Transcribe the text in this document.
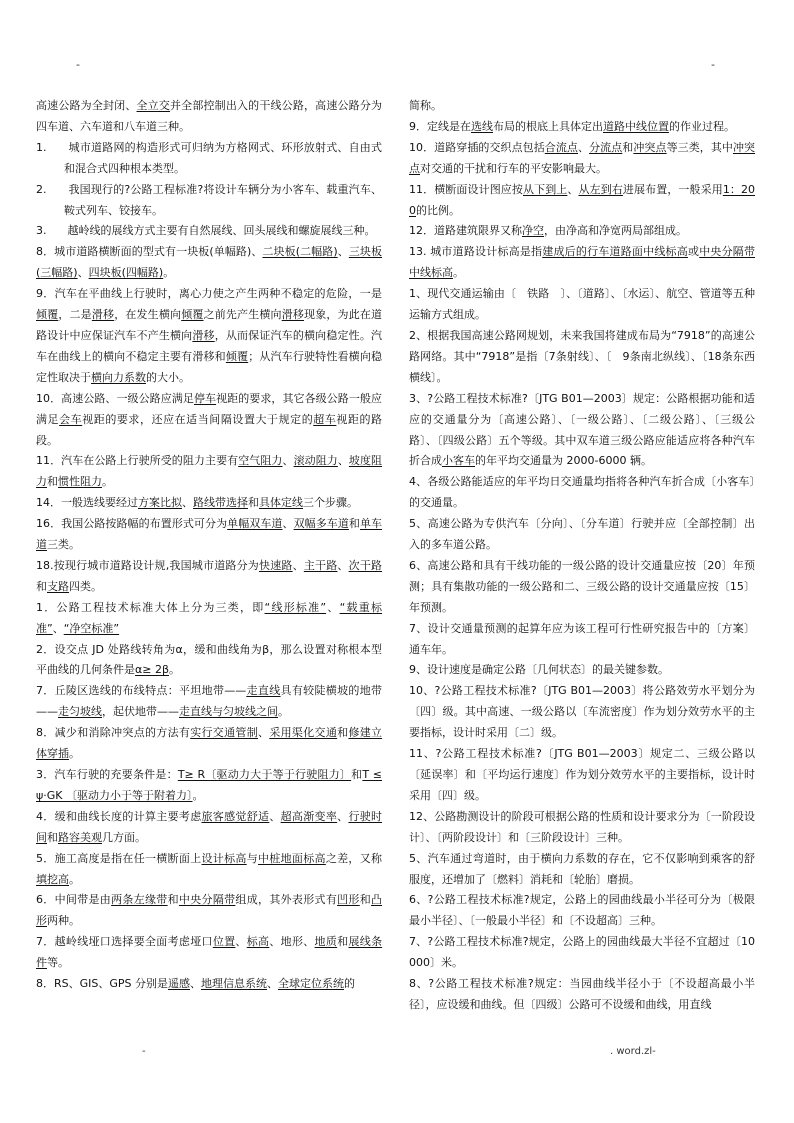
-	-

高速公路为全封闭、全立交并全部控制出入的干线公路，高速公路分为四车道、六车道和八车道三种。

1.      城市道路网的构造形式可归纳为方格网式、环形放射式、自由式和混合式四种根本类型。

2.      我国现行的?公路工程标准?将设计车辆分为小客车、载重汽车、鞍式列车、铰接车。

3.      越岭线的展线方式主要有自然展线、回头展线和螺旋展线三种。

8．城市道路横断面的型式有一块板(单幅路)、二块板(二幅路)、三块板(三幅路)、四块板(四幅路)。

9．汽车在平曲线上行驶时，离心力使之产生两种不稳定的危险，一是倾覆，二是滑移，在发生横向倾覆之前先产生横向滑移现象，为此在道路设计中应保证汽车不产生横向滑移，从而保证汽车的横向稳定性。汽车在曲线上的横向不稳定主要有滑移和倾覆；从汽车行驶特性看横向稳定性取决于横向力系数的大小。

10．高速公路、一级公路应满足停车视距的要求，其它各级公路一般应满足会车视距的要求，还应在适当间隔设置大于规定的超车视距的路段。

11．汽车在公路上行驶所受的阻力主要有空气阻力、滚动阻力、坡度阻力和惯性阻力。

14．一般选线要经过方案比拟、路线带选择和具体定线三个步骤。

16．我国公路按路幅的布置形式可分为单幅双车道、双幅多车道和单车道三类。

18.按现行城市道路设计规,我国城市道路分为快速路、主干路、次干路和支路四类。

1．公路工程技术标准大体上分为三类，即“线形标准”、“载重标准”、“净空标准”

2．设交点 JD 处路线转角为α，缓和曲线角为β，那么设置对称根本型平曲线的几何条件是α≥ 2β。

7．丘陵区选线的布线特点：平坦地带——走直线具有较陡横坡的地带——走匀坡线，起伏地带——走直线与匀坡线之间。

8．减少和消除冲突点的方法有实行交通管制、采用渠化交通和修建立体穿插。

3．汽车行驶的充要条件是：T≥ R〔驱动力大于等于行驶阻力〕和T ≤ψ·GK 〔驱动力小于等于附着力〕。

4．缓和曲线长度的计算主要考虑旅客感觉舒适、超高渐变率、行驶时间和路容美观几方面。

5．施工高度是指在任一横断面上设计标高与中桩地面标高之差，又称填挖高。

6．中间带是由两条左缘带和中央分隔带组成，其外表形式有凹形和凸形两种。

7．越岭线垭口选择要全面考虑垭口位置、标高、地形、地质和展线条件等。

8．RS、GIS、GPS 分别是遥感、地理信息系统、全球定位系统的

简称。

9．定线是在选线布局的根底上具体定出道路中线位置的作业过程。

10．道路穿插的交织点包括合流点、分流点和冲突点等三类，其中冲突点对交通的干扰和行车的平安影响最大。

11．横断面设计图应按从下到上、从左到右进展布置，一般采用1：200的比例。

12．道路建筑限界又称净空，由净高和净宽两局部组成。

13. 城市道路设计标高是指建成后的行车道路面中线标高或中央分隔带中线标高。

1、现代交通运输由〔　铁路　〕、〔道路〕、〔水运〕、航空、管道等五种运输方式组成。

2、根据我国高速公路网规划，未来我国将建成布局为“7918”的高速公路网络。其中“7918”是指〔7条射线〕、〔　9条南北纵线〕、〔18条东西横线〕。

3、?公路工程技术标准?〔JTG B01—2003〕规定：公路根据功能和适应的交通量分为〔高速公路〕、〔一级公路〕、〔二级公路〕、〔三级公路〕、〔四级公路〕五个等级。其中双车道三级公路应能适应将各种汽车折合成小客车的年平均交通量为 2000-6000 辆。

4、各级公路能适应的年平均日交通量均指将各种汽车折合成〔小客车〕的交通量。

5、高速公路为专供汽车〔分向〕、〔分车道〕行驶并应〔全部控制〕出入的多车道公路。

6、高速公路和具有干线功能的一级公路的设计交通量应按〔20〕年预测；具有集散功能的一级公路和二、三级公路的设计交通量应按〔15〕年预测。

7、设计交通量预测的起算年应为该工程可行性研究报告中的〔方案〕通车年。

9、设计速度是确定公路〔几何状态〕的最关键参数。

10、?公路工程技术标准?〔JTG B01—2003〕将公路效劳水平划分为〔四〕级。其中高速、一级公路以〔车流密度〕作为划分效劳水平的主要指标，设计时采用〔二〕级。

11、?公路工程技术标准?〔JTG B01—2003〕规定二、三级公路以〔延误率〕和〔平均运行速度〕作为划分效劳水平的主要指标，设计时采用〔四〕级。

12、公路勘测设计的阶段可根据公路的性质和设计要求分为〔一阶段设计〕、〔两阶段设计〕和〔三阶段设计〕三种。

5、汽车通过弯道时，由于横向力系数的存在，它不仅影响到乘客的舒服度，还增加了〔燃料〕消耗和〔轮胎〕磨损。

6、?公路工程技术标准?规定，公路上的园曲线最小半径可分为〔极限最小半径〕、〔一般最小半径〕和〔不设超高〕三种。

7、?公路工程技术标准?规定，公路上的园曲线最大半径不宜超过〔10000〕米。

8、?公路工程技术标准?规定：当园曲线半径小于〔不设超高最小半径〕，应设缓和曲线。但〔四级〕公路可不设缓和曲线，用直线

-	. word.zl-
